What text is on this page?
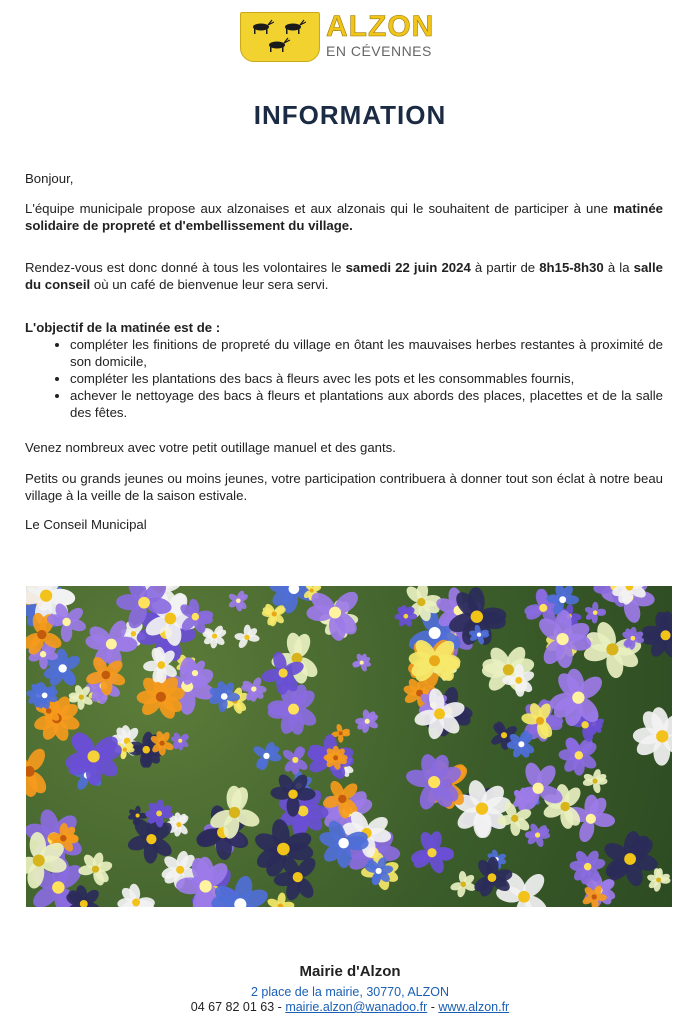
ALZON
EN CÉVENNES
INFORMATION
Bonjour,
L'équipe municipale propose aux alzonaises et aux alzonais qui le souhaitent de participer à une matinée solidaire de propreté et d'embellissement du village.
Rendez-vous est donc donné à tous les volontaires le samedi 22 juin 2024 à partir de 8h15-8h30 à la salle du conseil où un café de bienvenue leur sera servi.

L'objectif de la matinée est de :

• compléter les finitions de propreté du village en ôtant les mauvaises herbes restantes à proximité de son domicile,
• compléter les plantations des bacs à fleurs avec les pots et les consommables fournis,
• achever le nettoyage des bacs à fleurs et plantations aux abords des places, placettes et de la salle des fêtes.
Venez nombreux avec votre petit outillage manuel et des gants.
Petits ou grands jeunes ou moins jeunes, votre participation contribuera à donner tout son éclat à notre beau village à la veille de la saison estivale.
Le Conseil Municipal
Mairie d'Alzon
2 place de la mairie, 30770, ALZON
04 67 82 01 63 - mairie.alzon@wanadoo.fr - www.alzon.fr
